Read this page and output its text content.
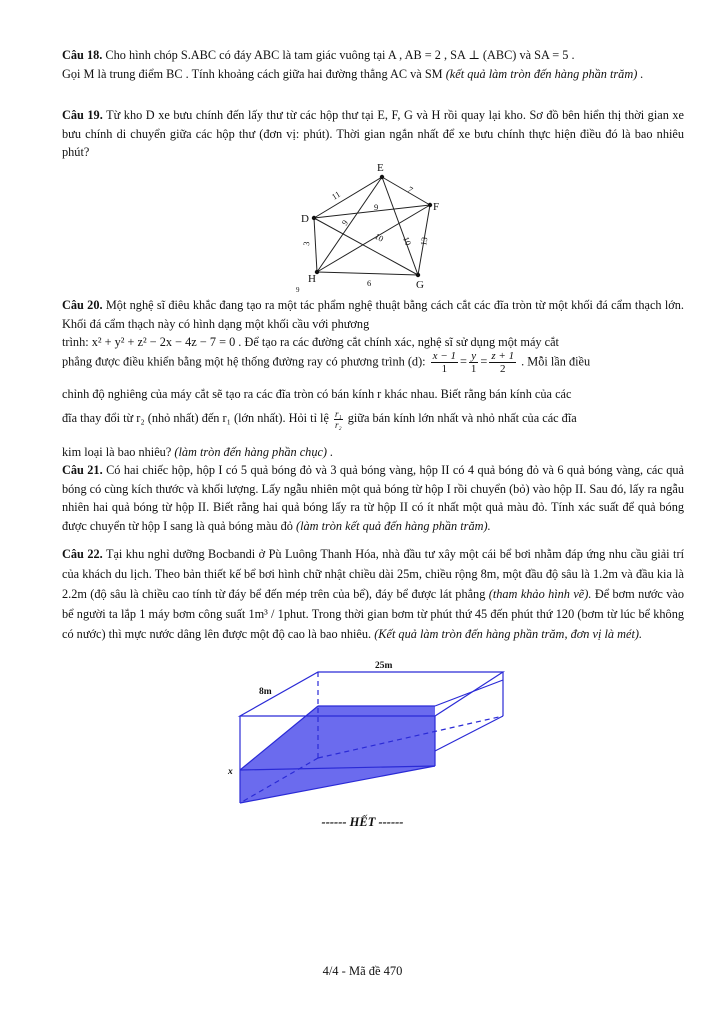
Câu 18. Cho hình chóp S.ABC có đáy ABC là tam giác vuông tại A , AB = 2 , SA ⊥ (ABC) và SA = 5 .
Gọi M là trung điểm BC . Tính khoảng cách giữa hai đường thẳng AC và SM (kết quả làm tròn đến hàng phần trăm) .
Câu 19. Từ kho D xe bưu chính đến lấy thư từ các hộp thư tại E, F, G và H rồi quay lại kho. Sơ đồ bên hiển thị thời gian xe bưu chính di chuyển giữa các hộp thư (đơn vị: phút). Thời gian ngắn nhất để xe bưu chính thực hiện điều đó là bao nhiêu phút?
E
F
G
H
D
7
11
9
9
10 10 13
6
3
9
Câu 20. Một nghệ sĩ điêu khắc đang tạo ra một tác phẩm nghệ thuật bằng cách cắt các đĩa tròn từ một khối đá cẩm thạch lớn. Khối đá cẩm thạch này có hình dạng một khối cầu với phương
trình: x² + y² + z² − 2x − 4z − 7 = 0 . Để tạo ra các đường cắt chính xác, nghệ sĩ sử dụng một máy cắt
phẳng được điều khiển bằng một hệ thống đường ray có phương trình (d): $\frac{x - 1}{1} = \frac{y}{1} = \frac{z + 1}{2}$ . Mỗi lần điều
chỉnh độ nghiêng của máy cắt sẽ tạo ra các đĩa tròn có bán kính r khác nhau. Biết rằng bán kính của các
đĩa thay đổi từ r₂ (nhỏ nhất) đến r₁ (lớn nhất). Hỏi tỉ lệ $\frac{\text{r₁}}{\text{r₂}}$ giữa bán kính lớn nhất và nhỏ nhất của các đĩa
kim loại là bao nhiêu? (làm tròn đến hàng phần chục) .
Câu 21. Có hai chiếc hộp, hộp I có 5 quả bóng đỏ và 3 quả bóng vàng, hộp II có 4 quả bóng đỏ và 6 quả bóng vàng, các quả bóng có cùng kích thước và khối lượng. Lấy ngẫu nhiên một quả bóng từ hộp I rồi chuyển (bỏ) vào hộp II. Sau đó, lấy ra ngẫu nhiên hai quả bóng từ hộp II. Biết rằng hai quả bóng lấy ra từ hộp II có ít nhất một quả màu đỏ. Tính xác suất để quả bóng được chuyển từ hộp I sang là quả bóng màu đỏ (làm tròn kết quả đến hàng phần trăm).
Câu 22. Tại khu nghỉ dưỡng Bocbandi ở Pù Luông Thanh Hóa, nhà đầu tư xây một cái bể bơi nhằm đáp ứng nhu cầu giải trí của khách du lịch. Theo bản thiết kế bể bơi hình chữ nhật chiều dài 25m, chiều rộng 8m, một đầu độ sâu là 1.2m và đầu kia là 2.2m (độ sâu là chiều cao tính từ đáy bể đến mép trên của bể), đáy bể được lát phẳng (tham khảo hình vẽ). Để bơm nước vào bể người ta lắp 1 máy bơm công suất 1m³ / 1phut. Trong thời gian bơm từ phút thứ 45 đến phút thứ 120 (bơm từ lúc bể không có nước) thì mực nước dâng lên được một độ cao là bao nhiêu. (Kết quả làm tròn đến hàng phần trăm, đơn vị là mét).
25m
8m
x
------ HẾT ------
4/4 - Mã đề 470
